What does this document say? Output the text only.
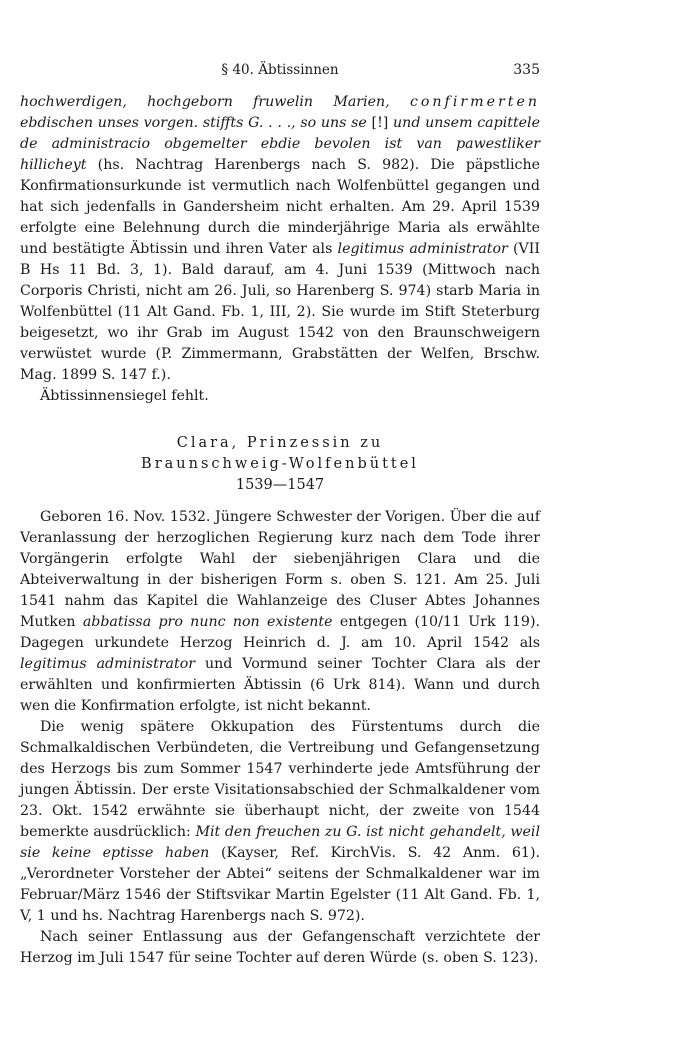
§ 40. Äbtissinnen	335

hochwerdigen, hochgeborn fruwelin Marien, confirmerten ebdischen unses vorgen. stiffts G. . . ., so uns se [!] und unsem capittele de administracio obgemelter ebdie bevolen ist van pawestliker hillicheyt (hs. Nachtrag Harenbergs nach S. 982). Die päpstliche Konfirmationsurkunde ist vermutlich nach Wolfenbüttel gegangen und hat sich jedenfalls in Gandersheim nicht erhalten. Am 29. April 1539 erfolgte eine Belehnung durch die minderjährige Maria als erwählte und bestätigte Äbtissin und ihren Vater als legitimus administrator (VII B Hs 11 Bd. 3, 1). Bald darauf, am 4. Juni 1539 (Mittwoch nach Corporis Christi, nicht am 26. Juli, so Harenberg S. 974) starb Maria in Wolfenbüttel (11 Alt Gand. Fb. 1, III, 2). Sie wurde im Stift Steterburg beigesetzt, wo ihr Grab im August 1542 von den Braunschweigern verwüstet wurde (P. Zimmermann, Grabstätten der Welfen, Brschw. Mag. 1899 S. 147 f.).

Äbtissinnensiegel fehlt.

Clara, Prinzessin zu
Braunschweig-Wolfenbüttel
1539—1547

Geboren 16. Nov. 1532. Jüngere Schwester der Vorigen. Über die auf Veranlassung der herzoglichen Regierung kurz nach dem Tode ihrer Vorgängerin erfolgte Wahl der siebenjährigen Clara und die Abteiverwaltung in der bisherigen Form s. oben S. 121. Am 25. Juli 1541 nahm das Kapitel die Wahlanzeige des Cluser Abtes Johannes Mutken abbatissa pro nunc non existente entgegen (10/11 Urk 119). Dagegen urkundete Herzog Heinrich d. J. am 10. April 1542 als legitimus administrator und Vormund seiner Tochter Clara als der erwählten und konfirmierten Äbtissin (6 Urk 814). Wann und durch wen die Konfirmation erfolgte, ist nicht bekannt.

Die wenig spätere Okkupation des Fürstentums durch die Schmalkaldischen Verbündeten, die Vertreibung und Gefangensetzung des Herzogs bis zum Sommer 1547 verhinderte jede Amtsführung der jungen Äbtissin. Der erste Visitationsabschied der Schmalkaldener vom 23. Okt. 1542 erwähnte sie überhaupt nicht, der zweite von 1544 bemerkte ausdrücklich: Mit den freuchen zu G. ist nicht gehandelt, weil sie keine eptisse haben (Kayser, Ref. KirchVis. S. 42 Anm. 61). „Verordneter Vorsteher der Abtei“ seitens der Schmalkaldener war im Februar/März 1546 der Stiftsvikar Martin Egelster (11 Alt Gand. Fb. 1, V, 1 und hs. Nachtrag Harenbergs nach S. 972).

Nach seiner Entlassung aus der Gefangenschaft verzichtete der Herzog im Juli 1547 für seine Tochter auf deren Würde (s. oben S. 123).
